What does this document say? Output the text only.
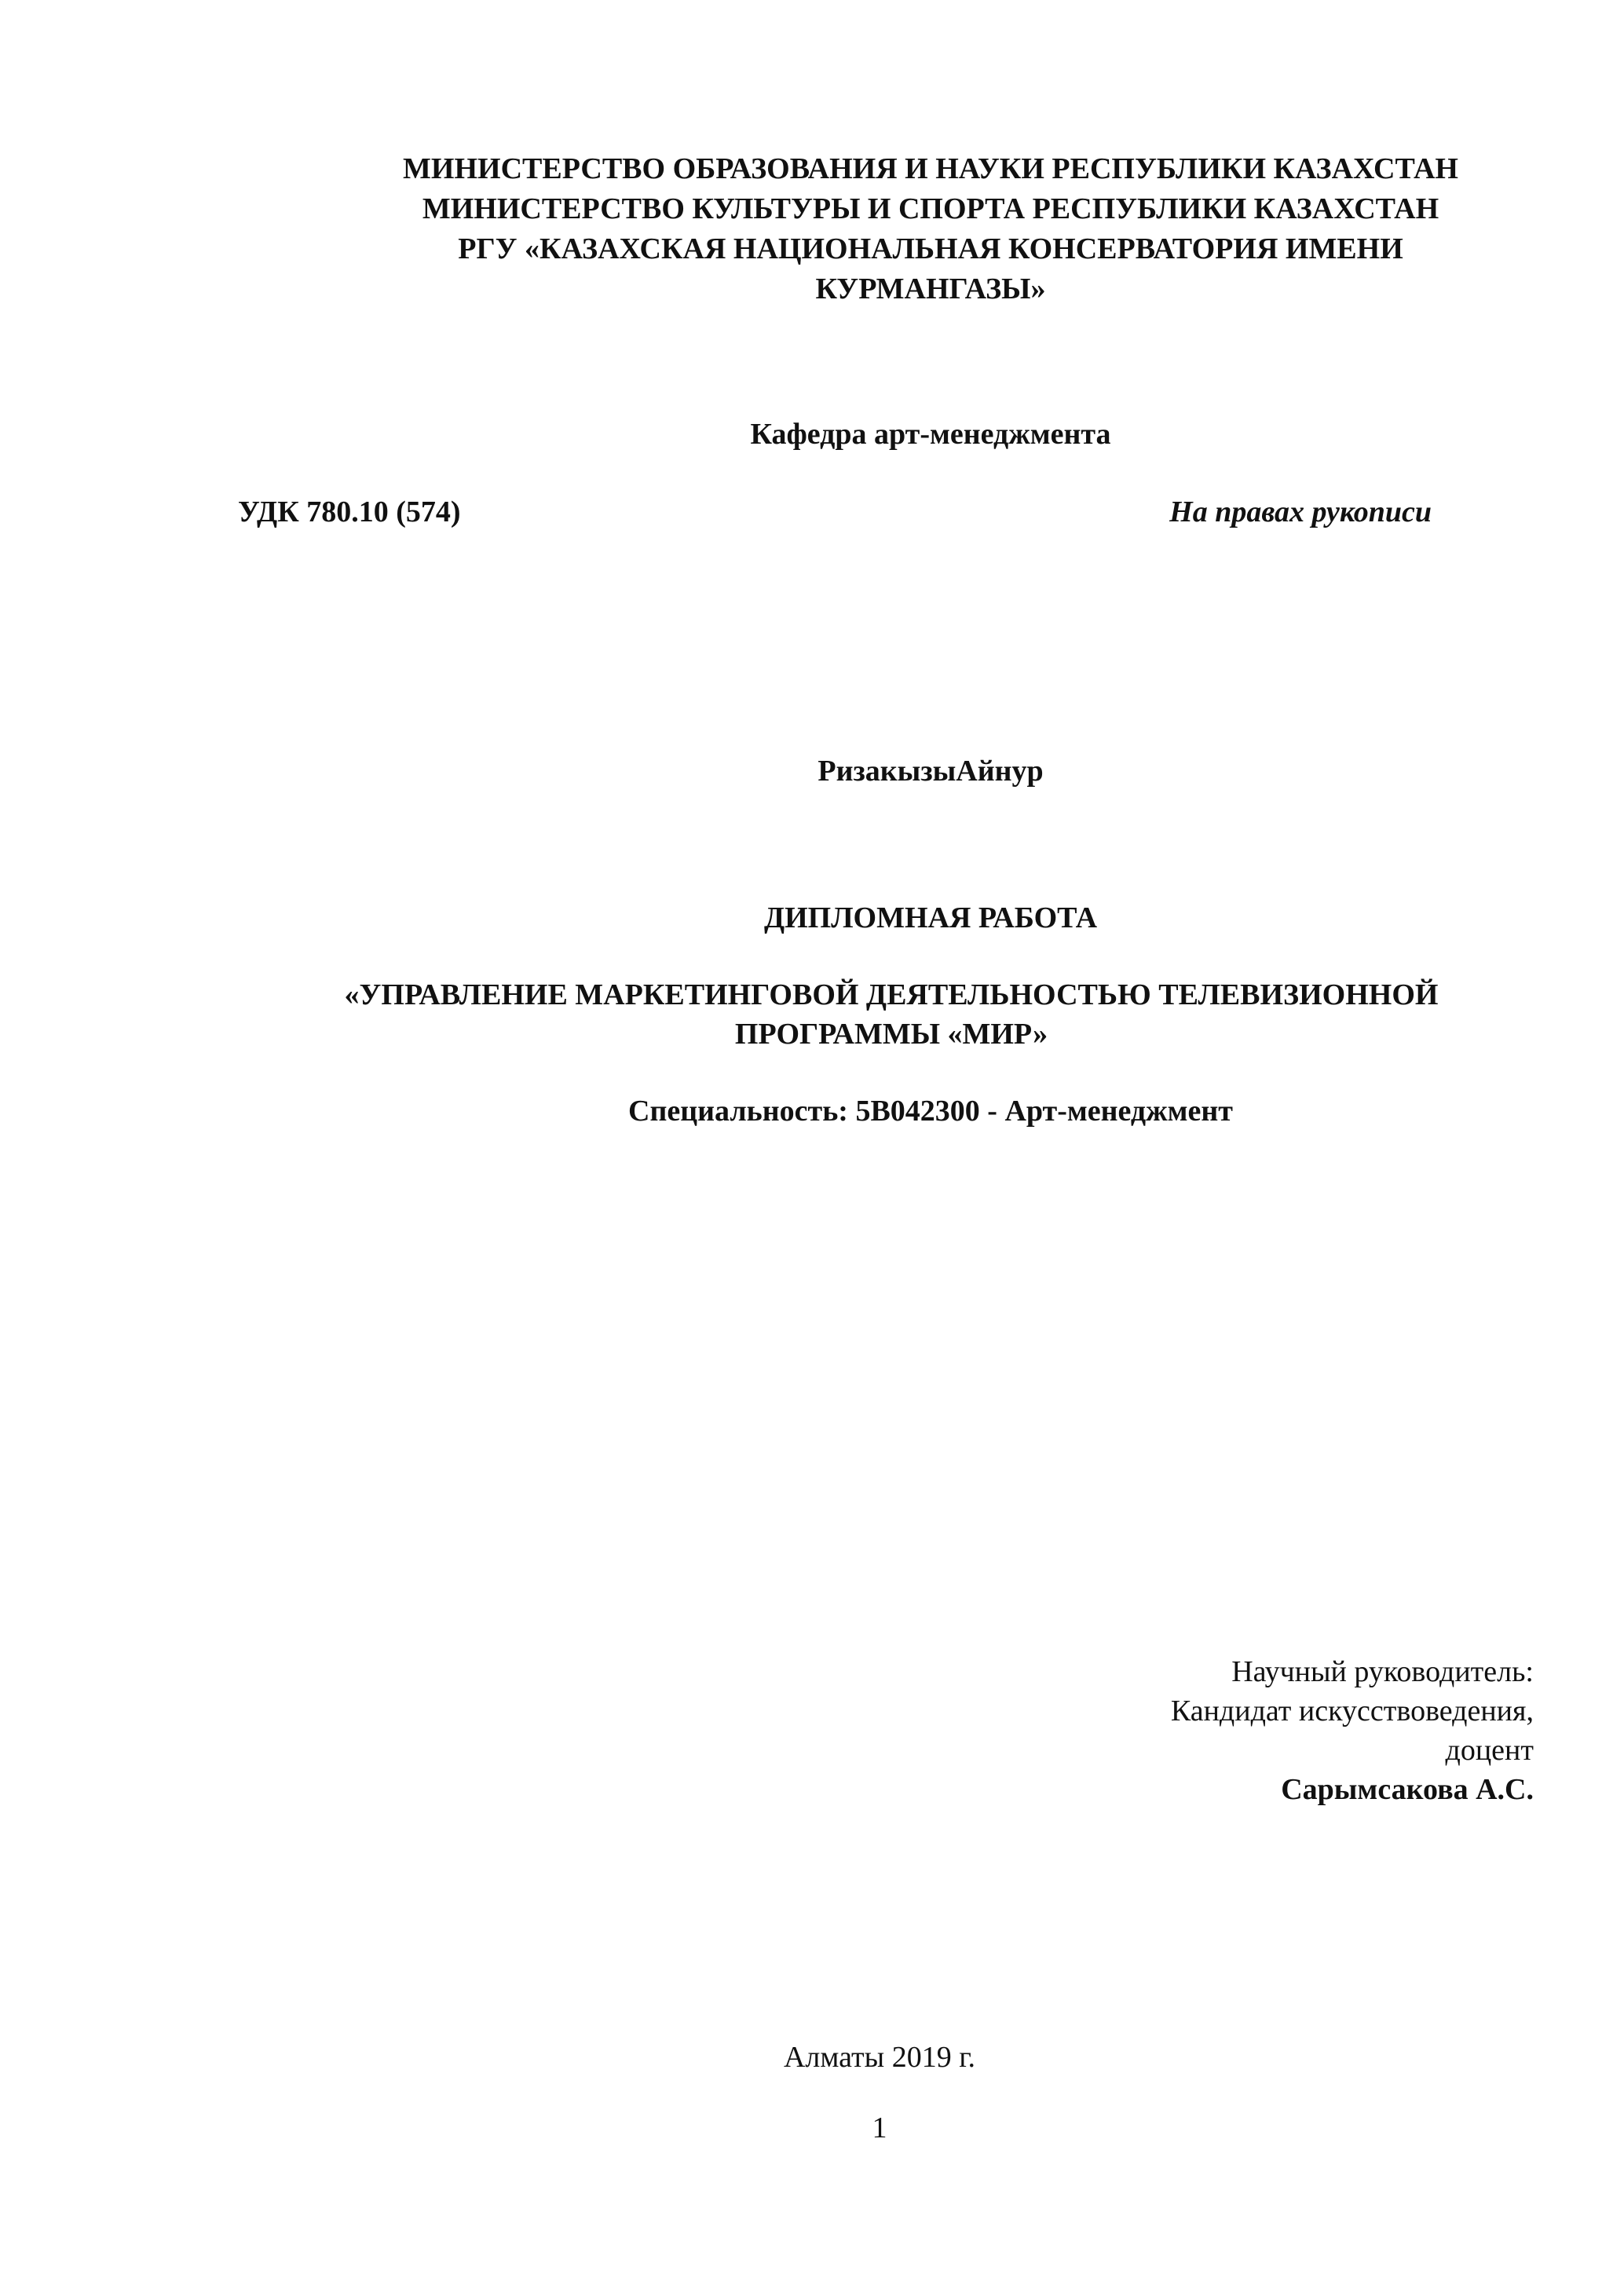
МИНИСТЕРСТВО ОБРАЗОВАНИЯ И НАУКИ РЕСПУБЛИКИ КАЗАХСТАН
МИНИСТЕРСТВО КУЛЬТУРЫ И СПОРТА РЕСПУБЛИКИ КАЗАХСТАН
РГУ «КАЗАХСКАЯ НАЦИОНАЛЬНАЯ КОНСЕРВАТОРИЯ ИМЕНИ
КУРМАНГАЗЫ»
Кафедра арт-менеджмента
УДК 780.10 (574)	На правах рукописи
РизакызыАйнур
ДИПЛОМНАЯ РАБОТА
«УПРАВЛЕНИЕ МАРКЕТИНГОВОЙ ДЕЯТЕЛЬНОСТЬЮ ТЕЛЕВИЗИОННОЙ
ПРОГРАММЫ «МИР»
Специальность: 5В042300 - Арт-менеджмент
Научный руководитель:
Кандидат искусствоведения,
доцент
Сарымсакова А.С.
Алматы 2019 г.
1
